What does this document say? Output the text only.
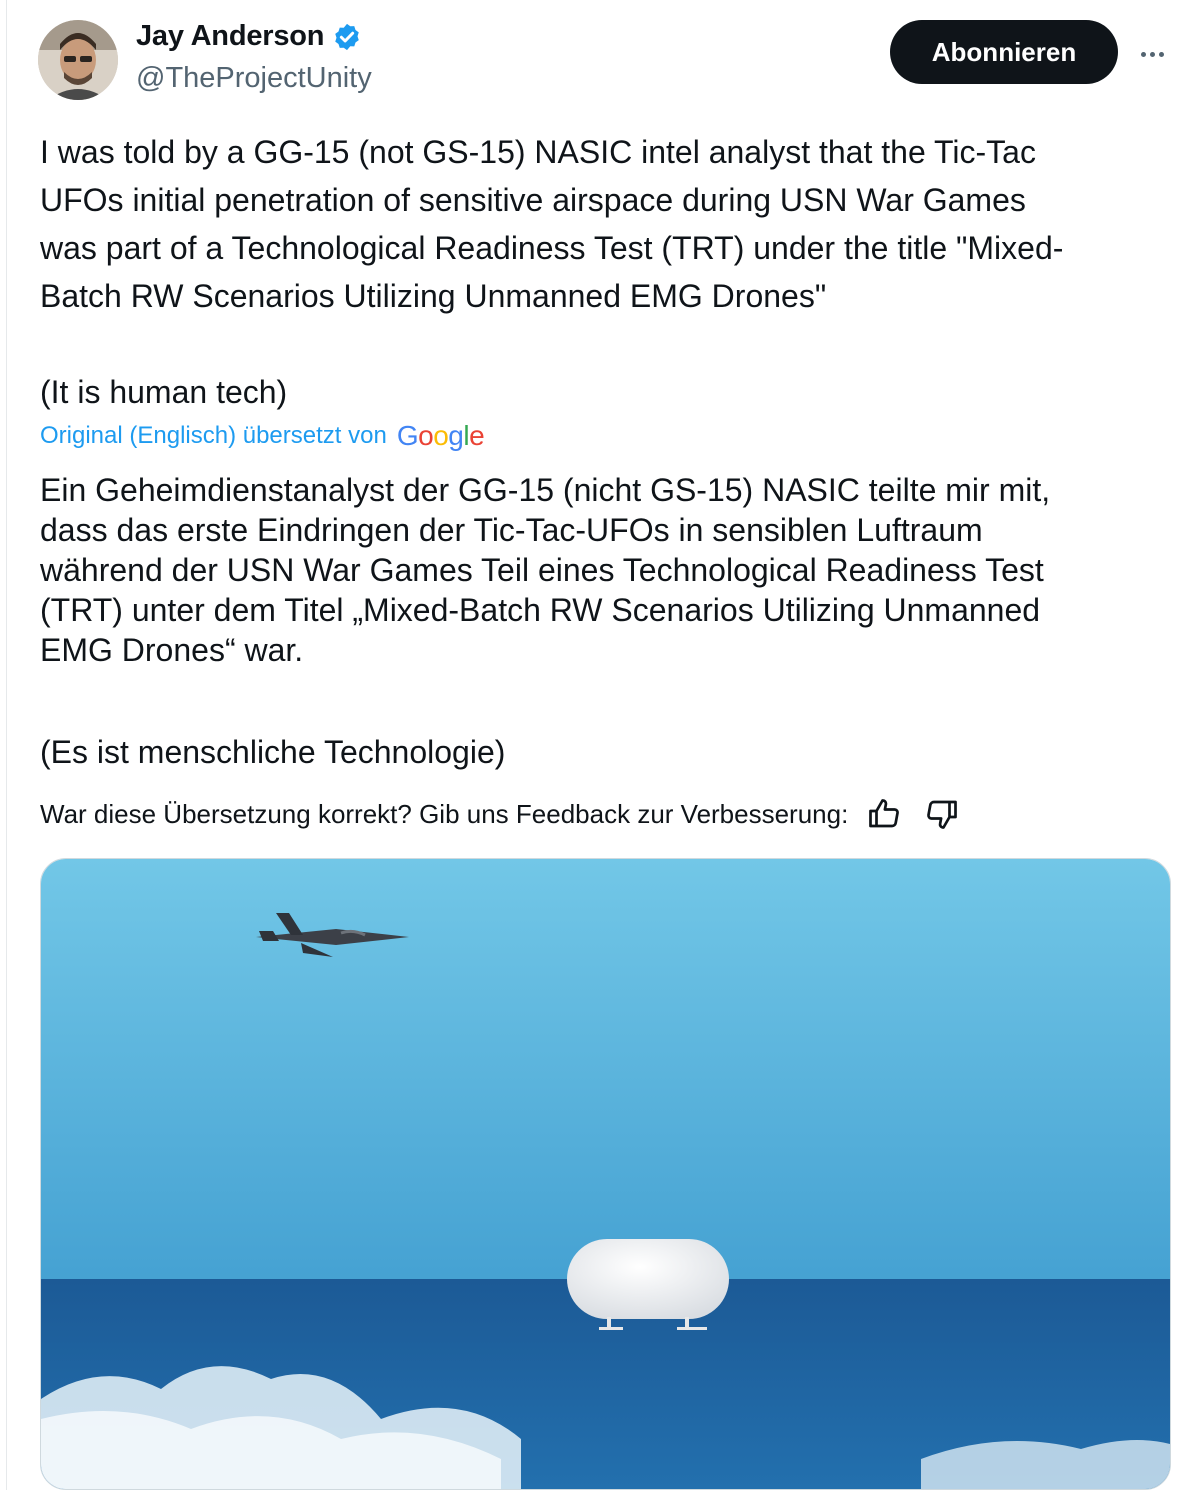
Jay Anderson
@TheProjectUnity
Abonnieren

I was told by a GG-15 (not GS-15) NASIC intel analyst that the Tic-Tac

UFOs initial penetration of sensitive airspace during USN War Games

was part of a Technological Readiness Test (TRT) under the title "Mixed-

Batch RW Scenarios Utilizing Unmanned EMG Drones"

(It is human tech)

Original (Englisch) übersetzt von Google

Ein Geheimdienstanalyst der GG-15 (nicht GS-15) NASIC teilte mir mit,

dass das erste Eindringen der Tic-Tac-UFOs in sensiblen Luftraum

während der USN War Games Teil eines Technological Readiness Test

(TRT) unter dem Titel „Mixed-Batch RW Scenarios Utilizing Unmanned

EMG Drones“ war.

(Es ist menschliche Technologie)

War diese Übersetzung korrekt? Gib uns Feedback zur Verbesserung:
